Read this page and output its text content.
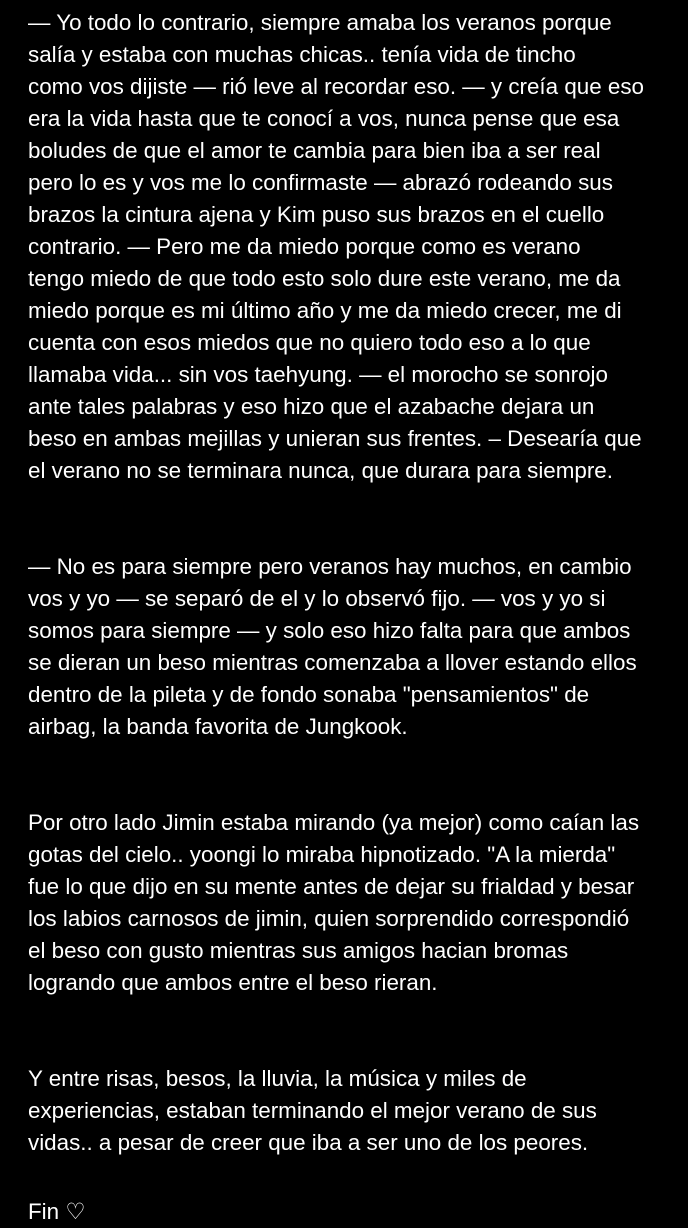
— Yo todo lo contrario, siempre amaba los veranos porque
salía y estaba con muchas chicas.. tenía vida de tincho
como vos dijiste — rió leve al recordar eso. — y creía que eso
era la vida hasta que te conocí a vos, nunca pense que esa
boludes de que el amor te cambia para bien iba a ser real
pero lo es y vos me lo confirmaste — abrazó rodeando sus
brazos la cintura ajena y Kim puso sus brazos en el cuello
contrario. — Pero me da miedo porque como es verano
tengo miedo de que todo esto solo dure este verano, me da
miedo porque es mi último año y me da miedo crecer, me di
cuenta con esos miedos que no quiero todo eso a lo que
llamaba vida... sin vos taehyung. — el morocho se sonrojo
ante tales palabras y eso hizo que el azabache dejara un
beso en ambas mejillas y unieran sus frentes. – Desearía que
el verano no se terminara nunca, que durara para siempre.
— No es para siempre pero veranos hay muchos, en cambio
vos y yo — se separó de el y lo observó fijo. — vos y yo si
somos para siempre — y solo eso hizo falta para que ambos
se dieran un beso mientras comenzaba a llover estando ellos
dentro de la pileta y de fondo sonaba "pensamientos" de
airbag, la banda favorita de Jungkook.
Por otro lado Jimin estaba mirando (ya mejor) como caían las
gotas del cielo.. yoongi lo miraba hipnotizado. "A la mierda"
fue lo que dijo en su mente antes de dejar su frialdad y besar
los labios carnosos de jimin, quien sorprendido correspondió
el beso con gusto mientras sus amigos hacian bromas
logrando que ambos entre el beso rieran.
Y entre risas, besos, la lluvia, la música y miles de
experiencias, estaban terminando el mejor verano de sus
vidas.. a pesar de creer que iba a ser uno de los peores.
Fin ♡
